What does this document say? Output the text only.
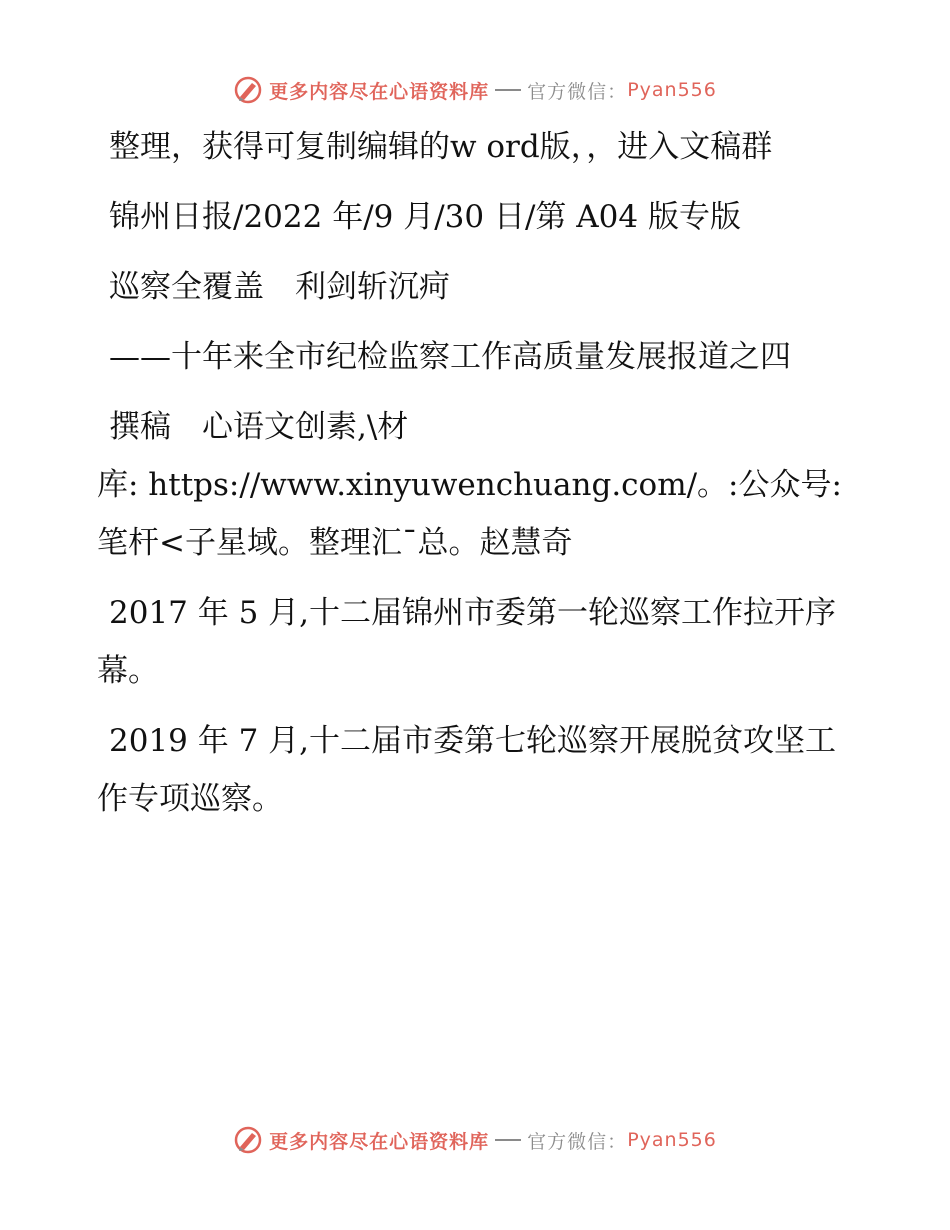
更多内容尽在心语资料库 官方微信： Pyan556

整理，获得可复制编辑的w ord版，，进入文稿群

锦州日报/2022 年/9 月/30 日/第 A04 版专版

巡察全覆盖　利剑斩沉疴

——十年来全市纪检监察工作高质量发展报道之四

撰稿　心语文创素,\材

库: https://www.xinyuwenchuang.com/。:公众号: 笔杆<子星域。整理汇¯总。赵慧奇

2017 年 5 月,十二届锦州市委第一轮巡察工作拉开序幕。

2019 年 7 月,十二届市委第七轮巡察开展脱贫攻坚工作专项巡察。

更多内容尽在心语资料库 官方微信： Pyan556
